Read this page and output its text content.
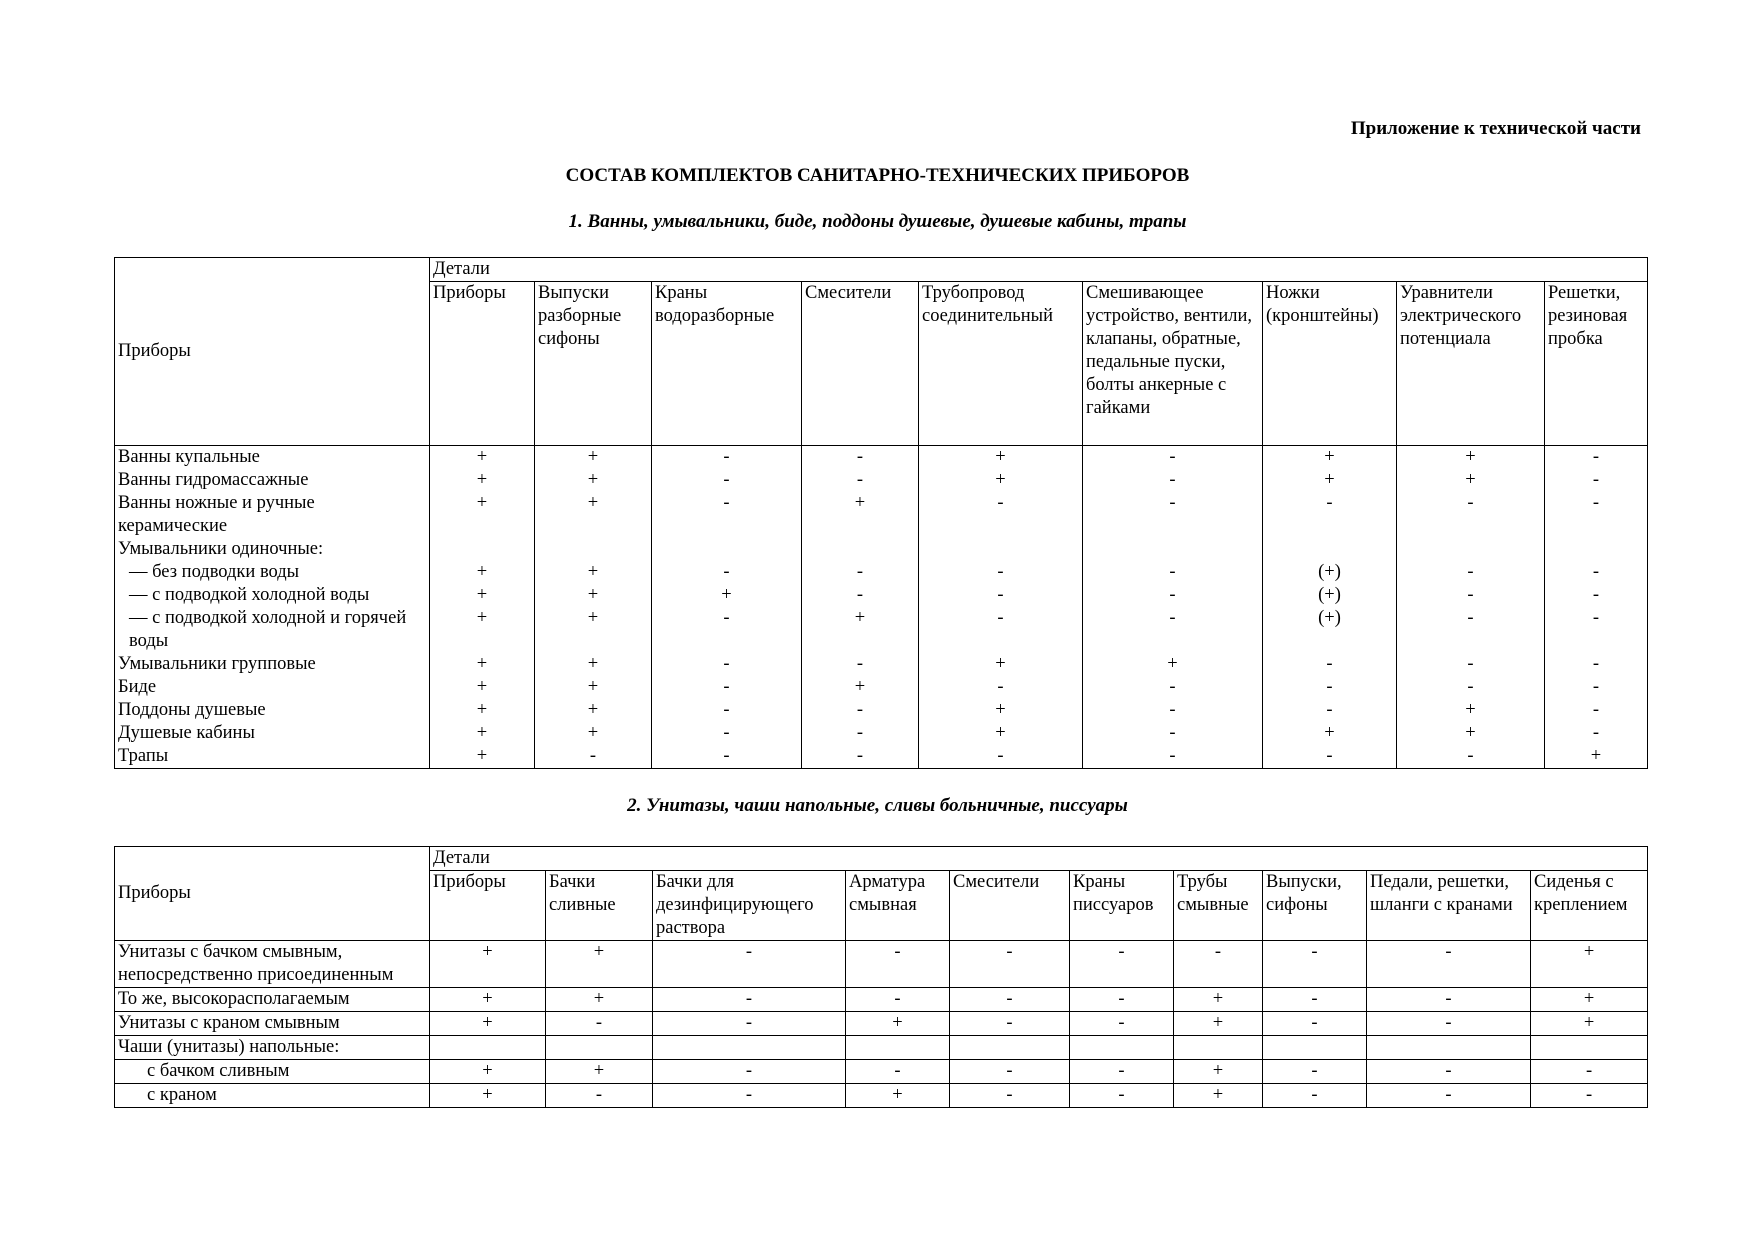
Приложение к технической части
СОСТАВ КОМПЛЕКТОВ САНИТАРНО-ТЕХНИЧЕСКИХ ПРИБОРОВ
1. Ванны, умывальники, биде, поддоны душевые, душевые кабины, трапы
Приборы	Детали								
	Приборы	Выпуски разборные сифоны	Краны водоразборные	Смесители	Трубопровод соединительный	Смешивающее устройство, вентили, клапаны, обратные, педальные пуски, болты анкерные с гайками	Ножки (кронштейны)	Уравнители электрического потенциала	Решетки, резиновая пробка
Ванны купальные	+	+	-	-	+	-	+	+	-
Ванны гидромассажные	+	+	-	-	+	-	+	+	-
Ванны ножные и ручные керамические	+	+	-	+	-	-	-	-	-
Умывальники одиночные:									
— без подводки воды	+	+	-	-	-	-	(+)	-	-
— с подводкой холодной воды	+	+	+	-	-	-	(+)	-	-
— с подводкой холодной и горячей воды	+	+	-	+	-	-	(+)	-	-
Умывальники групповые	+	+	-	-	+	+	-	-	-
Биде	+	+	-	+	-	-	-	-	-
Поддоны душевые	+	+	-	-	+	-	-	+	-
Душевые кабины	+	+	-	-	+	-	+	+	-
Трапы	+	-	-	-	-	-	-	-	+
2. Унитазы, чаши напольные, сливы больничные, писсуары
Приборы	Детали									
	Приборы	Бачки сливные	Бачки для дезинфицирующего раствора	Арматура смывная	Смесители	Краны писсуаров	Трубы смывные	Выпуски, сифоны	Педали, решетки, шланги с кранами	Сиденья с креплением
Унитазы с бачком смывным, непосредственно присоединенным	+	+	-	-	-	-	-	-	-	+
То же, высокорасполагаемым	+	+	-	-	-	-	+	-	-	+
Унитазы с краном смывным	+	-	-	+	-	-	+	-	-	+
Чаши (унитазы) напольные:										
с бачком сливным	+	+	-	-	-	-	+	-	-	-
с краном	+	-	-	+	-	-	+	-	-	-
